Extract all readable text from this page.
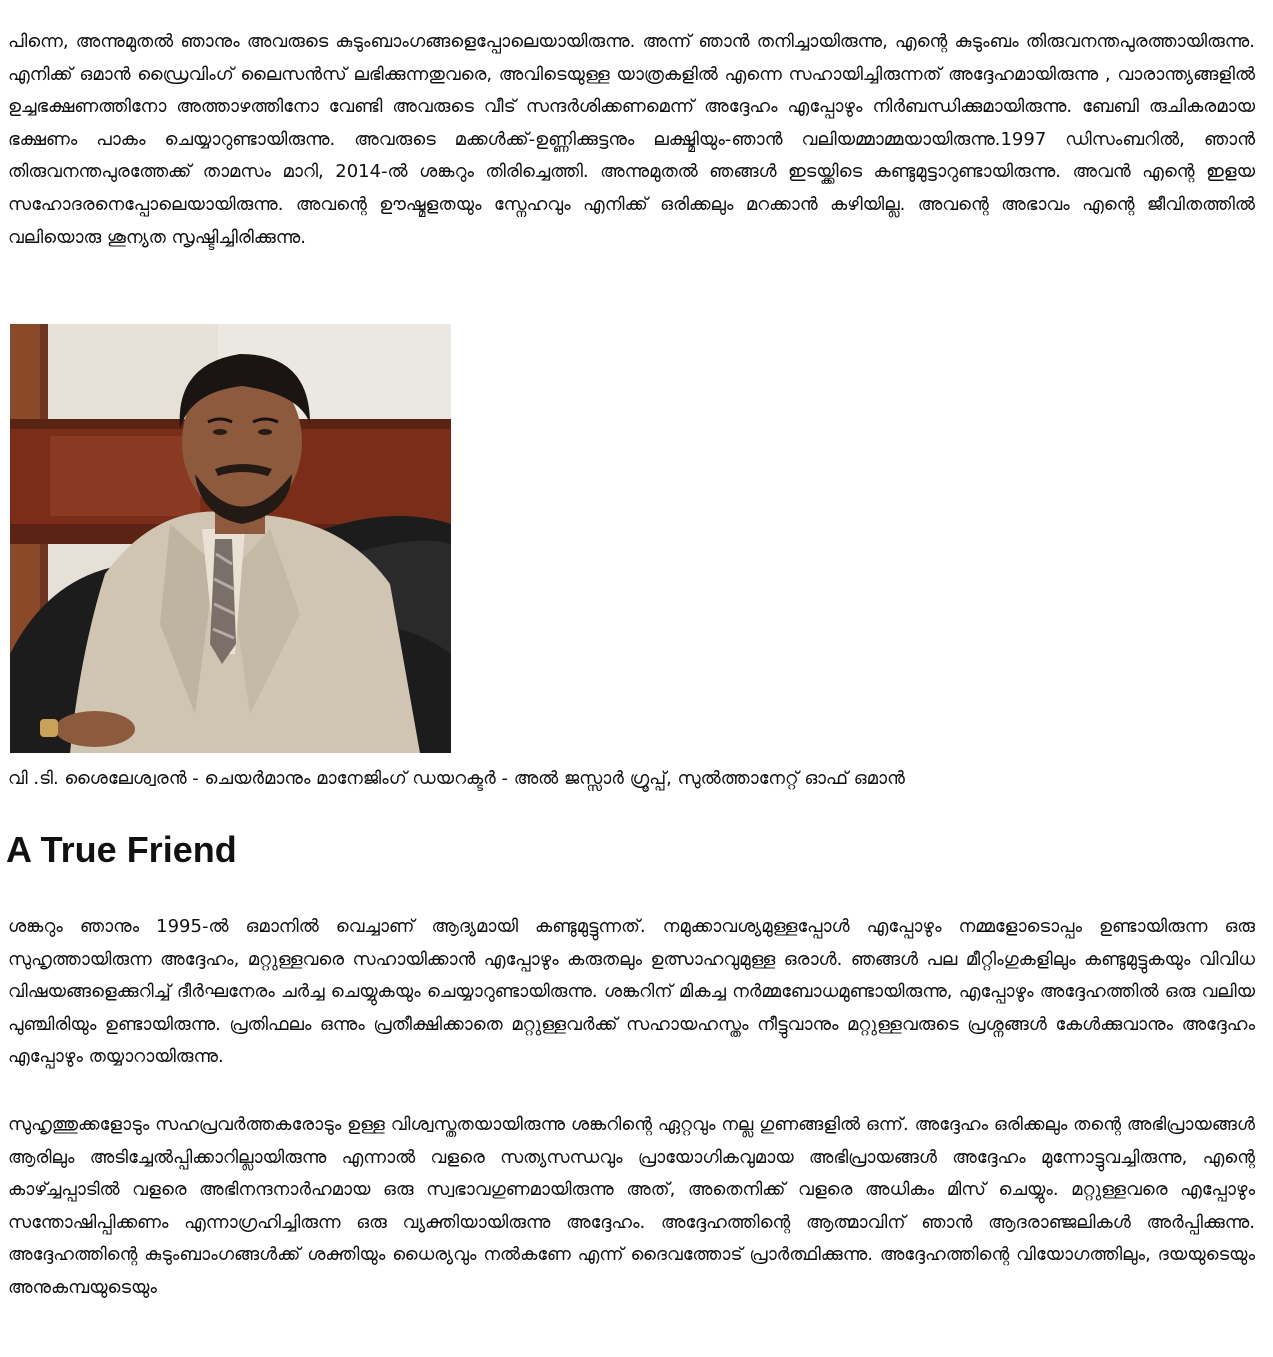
പിന്നെ, അന്നുമുതൽ ഞാനും അവരുടെ കുടുംബാംഗങ്ങളെപ്പോലെയായിരുന്നു. അന്ന് ഞാൻ തനിച്ചായിരുന്നു, എന്റെ കുടുംബം തിരുവനന്തപുരത്തായിരുന്നു. എനിക്ക് ഒമാൻ ഡ്രൈവിംഗ് ലൈസൻസ് ലഭിക്കുന്നതുവരെ, അവിടെയുള്ള യാത്രകളിൽ എന്നെ സഹായിച്ചിരുന്നത് അദ്ദേഹമായിരുന്നു , വാരാന്ത്യങ്ങളിൽ ഉച്ചഭക്ഷണത്തിനോ അത്താഴത്തിനോ വേണ്ടി അവരുടെ വീട് സന്ദർശിക്കണമെന്ന് അദ്ദേഹം എപ്പോഴും നിർബന്ധിക്കുമായിരുന്നു. ബേബി രുചികരമായ ഭക്ഷണം പാകം ചെയ്യാറുണ്ടായിരുന്നു. അവരുടെ മക്കൾക്ക്-ഉണ്ണിക്കുട്ടനും ലക്ഷ്മിയും-ഞാൻ വലിയമ്മാമ്മയായിരുന്നു.1997 ഡിസംബറിൽ, ഞാൻ തിരുവനന്തപുരത്തേക്ക് താമസം മാറി, 2014-ൽ ശങ്കറും തിരിച്ചെത്തി. അന്നുമുതൽ ഞങ്ങൾ ഇടയ്ക്കിടെ കണ്ടുമുട്ടാറുണ്ടായിരുന്നു. അവൻ എന്റെ ഇളയ സഹോദരനെപ്പോലെയായിരുന്നു. അവന്റെ ഊഷ്മളതയും സ്നേഹവും എനിക്ക് ഒരിക്കലും മറക്കാൻ കഴിയില്ല. അവന്റെ അഭാവം എന്റെ ജീവിതത്തിൽ വലിയൊരു ശൂന്യത സൃഷ്ടിച്ചിരിക്കുന്നു.

വി .ടി. ശൈലേശ്വരൻ - ചെയർമാനും മാനേജിംഗ് ഡയറക്ടർ - അൽ ജസ്സാർ ഗ്രൂപ്പ്, സുൽത്താനേറ്റ് ഓഫ് ഒമാൻ

A True Friend

ശങ്കറും ഞാനും 1995-ൽ ഒമാനിൽ വെച്ചാണ് ആദ്യമായി കണ്ടുമുട്ടുന്നത്. നമുക്കാവശ്യമുള്ളപ്പോൾ എപ്പോഴും നമ്മളോടൊപ്പം ഉണ്ടായിരുന്ന ഒരു സുഹൃത്തായിരുന്ന അദ്ദേഹം, മറ്റുള്ളവരെ സഹായിക്കാൻ എപ്പോഴും കരുതലും ഉത്സാഹവുമുള്ള ഒരാൾ. ഞങ്ങൾ പല മീറ്റിംഗുകളിലും കണ്ടുമുട്ടുകയും വിവിധ വിഷയങ്ങളെക്കുറിച്ച് ദീർഘനേരം ചർച്ച ചെയ്യുകയും ചെയ്യാറുണ്ടായിരുന്നു. ശങ്കറിന് മികച്ച നർമ്മബോധമുണ്ടായിരുന്നു, എപ്പോഴും അദ്ദേഹത്തിൽ ഒരു വലിയ പുഞ്ചിരിയും ഉണ്ടായിരുന്നു. പ്രതിഫലം ഒന്നും പ്രതീക്ഷിക്കാതെ മറ്റുള്ളവർക്ക് സഹായഹസ്തം നീട്ടുവാനും മറ്റുള്ളവരുടെ പ്രശ്നങ്ങൾ കേൾക്കുവാനും അദ്ദേഹം എപ്പോഴും തയ്യാറായിരുന്നു.

സുഹൃത്തുക്കളോടും സഹപ്രവർത്തകരോടും ഉള്ള വിശ്വസ്തതയായിരുന്നു ശങ്കറിന്റെ ഏറ്റവും നല്ല ഗുണങ്ങളിൽ ഒന്ന്. അദ്ദേഹം ഒരിക്കലും തന്റെ അഭിപ്രായങ്ങൾ ആരിലും അടിച്ചേൽപ്പിക്കാറില്ലായിരുന്നു എന്നാൽ വളരെ സത്യസന്ധവും പ്രായോഗികവുമായ അഭിപ്രായങ്ങൾ അദ്ദേഹം മുന്നോട്ടുവച്ചിരുന്നു, എന്റെ കാഴ്ച്ചപ്പാടിൽ വളരെ അഭിനന്ദനാർഹമായ ഒരു സ്വഭാവഗുണമായിരുന്നു അത്, അതെനിക്ക് വളരെ അധികം മിസ് ചെയ്യും. മറ്റുള്ളവരെ എപ്പോഴും സന്തോഷിപ്പിക്കണം എന്നാഗ്രഹിച്ചിരുന്ന ഒരു വ്യക്തിയായിരുന്നു അദ്ദേഹം. അദ്ദേഹത്തിന്റെ ആത്മാവിന് ഞാൻ ആദരാഞ്ജലികൾ അർപ്പിക്കുന്നു. അദ്ദേഹത്തിന്റെ കുടുംബാംഗങ്ങൾക്ക് ശക്തിയും ധൈര്യവും നൽകണേ എന്ന് ദൈവത്തോട് പ്രാർത്ഥിക്കുന്നു. അദ്ദേഹത്തിന്റെ വിയോഗത്തിലും, ദയയുടെയും അനുകമ്പയുടെയും
